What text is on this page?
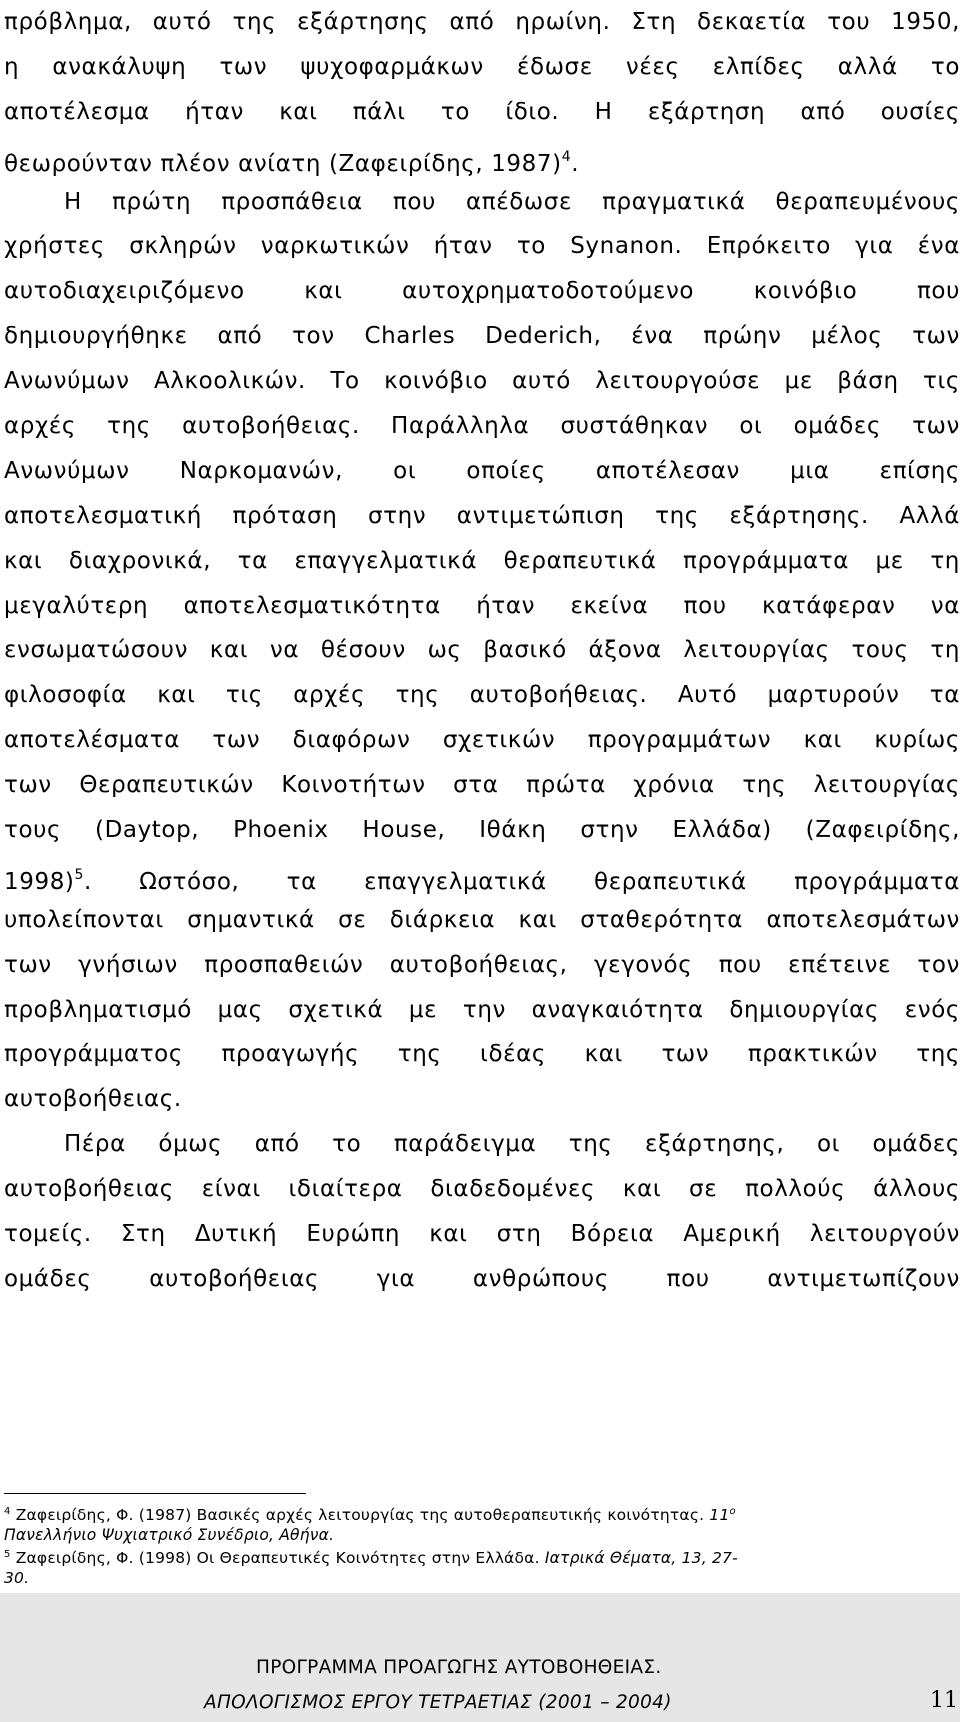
πρόβλημα, αυτό της εξάρτησης από ηρωίνη. Στη δεκαετία του 1950,
η ανακάλυψη των ψυχοφαρμάκων έδωσε νέες ελπίδες αλλά το
αποτέλεσμα ήταν και πάλι το ίδιο. Η εξάρτηση από ουσίες
θεωρούνταν πλέον ανίατη (Ζαφειρίδης, 1987)$^4$.
Η πρώτη προσπάθεια που απέδωσε πραγματικά θεραπευμένους
χρήστες σκληρών ναρκωτικών ήταν το Synanon. Επρόκειτο για ένα
αυτοδιαχειριζόμενο και αυτοχρηματοδοτούμενο κοινόβιο που
δημιουργήθηκε από τον Charles Dederich, ένα πρώην μέλος των
Ανωνύμων Αλκοολικών. Το κοινόβιο αυτό λειτουργούσε με βάση τις
αρχές της αυτοβοήθειας. Παράλληλα συστάθηκαν οι ομάδες των
Ανωνύμων Ναρκομανών, οι οποίες αποτέλεσαν μια επίσης
αποτελεσματική πρόταση στην αντιμετώπιση της εξάρτησης. Αλλά
και διαχρονικά, τα επαγγελματικά θεραπευτικά προγράμματα με τη
μεγαλύτερη αποτελεσματικότητα ήταν εκείνα που κατάφεραν να
ενσωματώσουν και να θέσουν ως βασικό άξονα λειτουργίας τους τη
φιλοσοφία και τις αρχές της αυτοβοήθειας. Αυτό μαρτυρούν τα
αποτελέσματα των διαφόρων σχετικών προγραμμάτων και κυρίως
των Θεραπευτικών Κοινοτήτων στα πρώτα χρόνια της λειτουργίας
τους (Daytop, Phoenix House, Ιθάκη στην Ελλάδα) (Ζαφειρίδης,
1998)$^5$. Ωστόσο, τα επαγγελματικά θεραπευτικά προγράμματα
υπολείπονται σημαντικά σε διάρκεια και σταθερότητα αποτελεσμάτων
των γνήσιων προσπαθειών αυτοβοήθειας, γεγονός που επέτεινε τον
προβληματισμό μας σχετικά με την αναγκαιότητα δημιουργίας ενός
προγράμματος προαγωγής της ιδέας και των πρακτικών της
αυτοβοήθειας.
Πέρα όμως από το παράδειγμα της εξάρτησης, οι ομάδες
αυτοβοήθειας είναι ιδιαίτερα διαδεδομένες και σε πολλούς άλλους
τομείς. Στη Δυτική Ευρώπη και στη Βόρεια Αμερική λειτουργούν
ομάδες αυτοβοήθειας για ανθρώπους που αντιμετωπίζουν
$^4$ Ζαφειρίδης, Φ. (1987) Βασικές αρχές λειτουργίας της αυτοθεραπευτικής κοινότητας. $11^o$
Πανελλήνιο Ψυχιατρικό Συνέδριο, Αθήνα.
$^5$ Ζαφειρίδης, Φ. (1998) Οι Θεραπευτικές Κοινότητες στην Ελλάδα. Ιατρικά Θέματα, 13, 27-
30.
ΠΡΟΓΡΑΜΜΑ ΠΡΟΑΓΩΓΗΣ ΑΥΤΟΒΟΗΘΕΙΑΣ.
ΑΠΟΛΟΓΙΣΜΟΣ ΕΡΓΟΥ ΤΕΤΡΑΕΤΙΑΣ (2001 – 2004)	11
